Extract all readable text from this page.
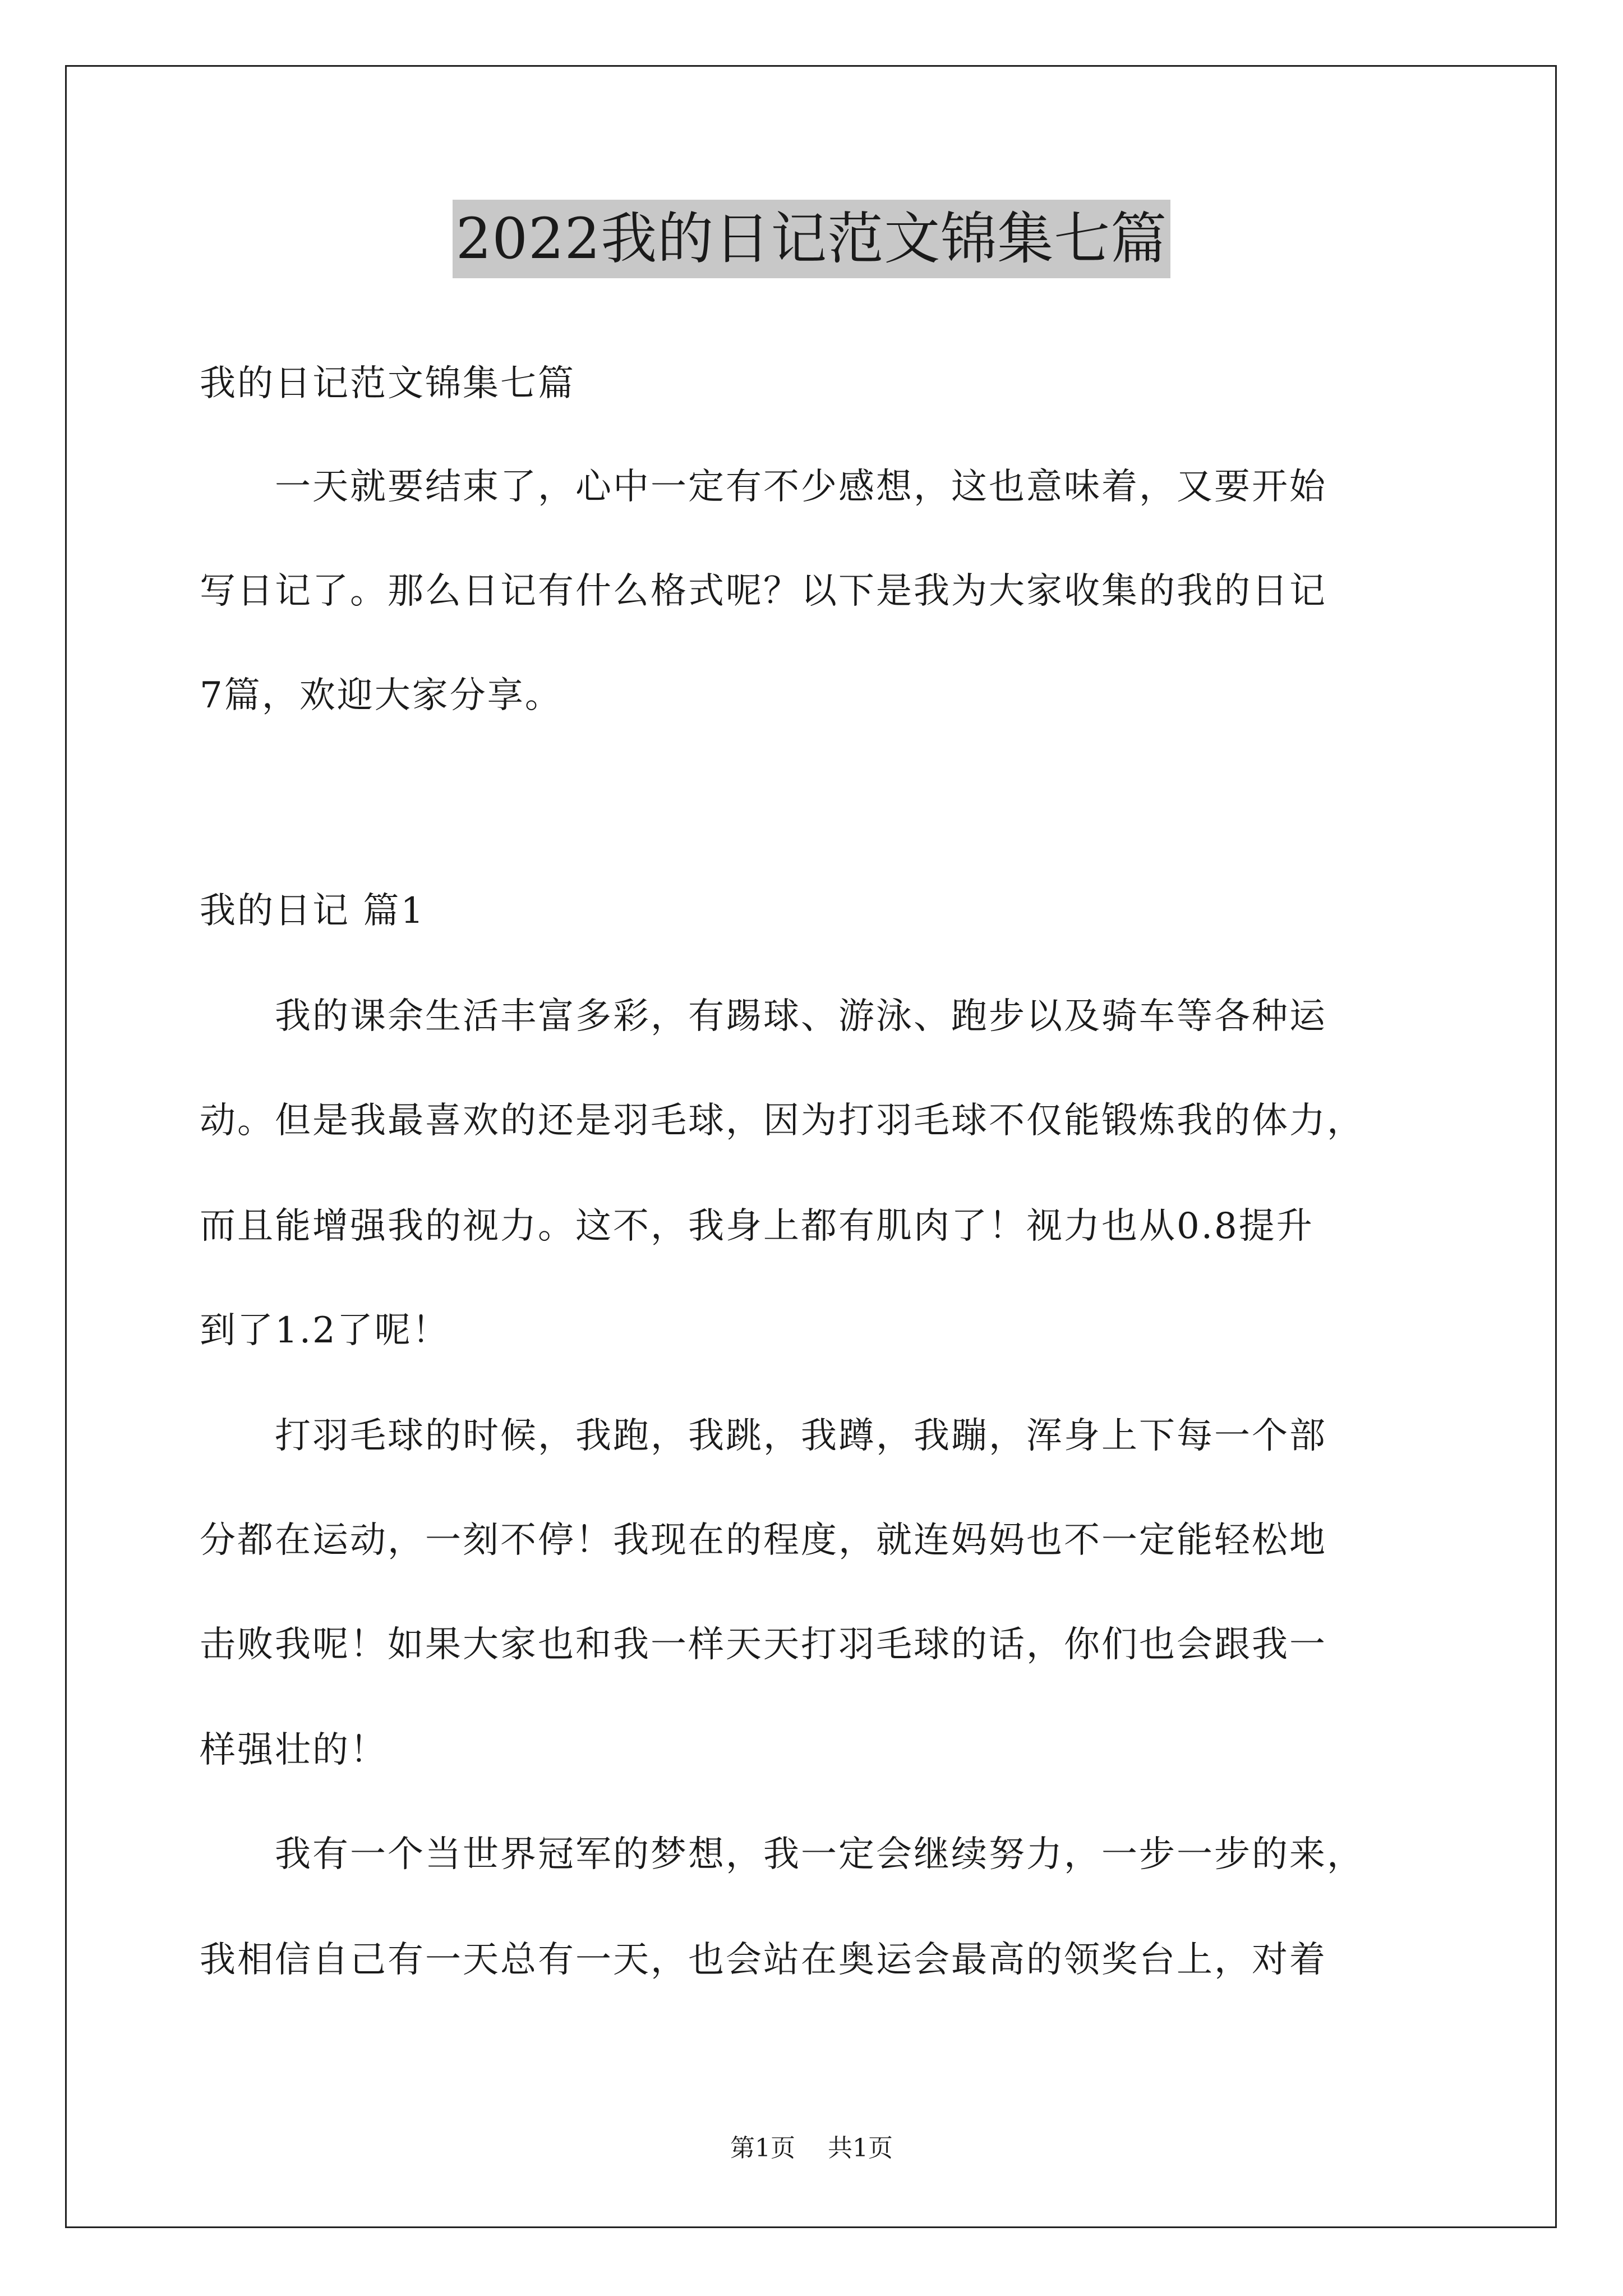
2022我的日记范文锦集七篇
我的日记范文锦集七篇
　　一天就要结束了，心中一定有不少感想，这也意味着，又要开始
写日记了。那么日记有什么格式呢？以下是我为大家收集的我的日记
7篇，欢迎大家分享。
我的日记 篇1
　　我的课余生活丰富多彩，有踢球、游泳、跑步以及骑车等各种运
动。但是我最喜欢的还是羽毛球，因为打羽毛球不仅能锻炼我的体力，
而且能增强我的视力。这不，我身上都有肌肉了！视力也从0.8提升
到了1.2了呢！
　　打羽毛球的时候，我跑，我跳，我蹲，我蹦，浑身上下每一个部
分都在运动，一刻不停！我现在的程度，就连妈妈也不一定能轻松地
击败我呢！如果大家也和我一样天天打羽毛球的话，你们也会跟我一
样强壮的！
　　我有一个当世界冠军的梦想，我一定会继续努力，一步一步的来，
我相信自己有一天总有一天，也会站在奥运会最高的领奖台上，对着
第1页 共1页
